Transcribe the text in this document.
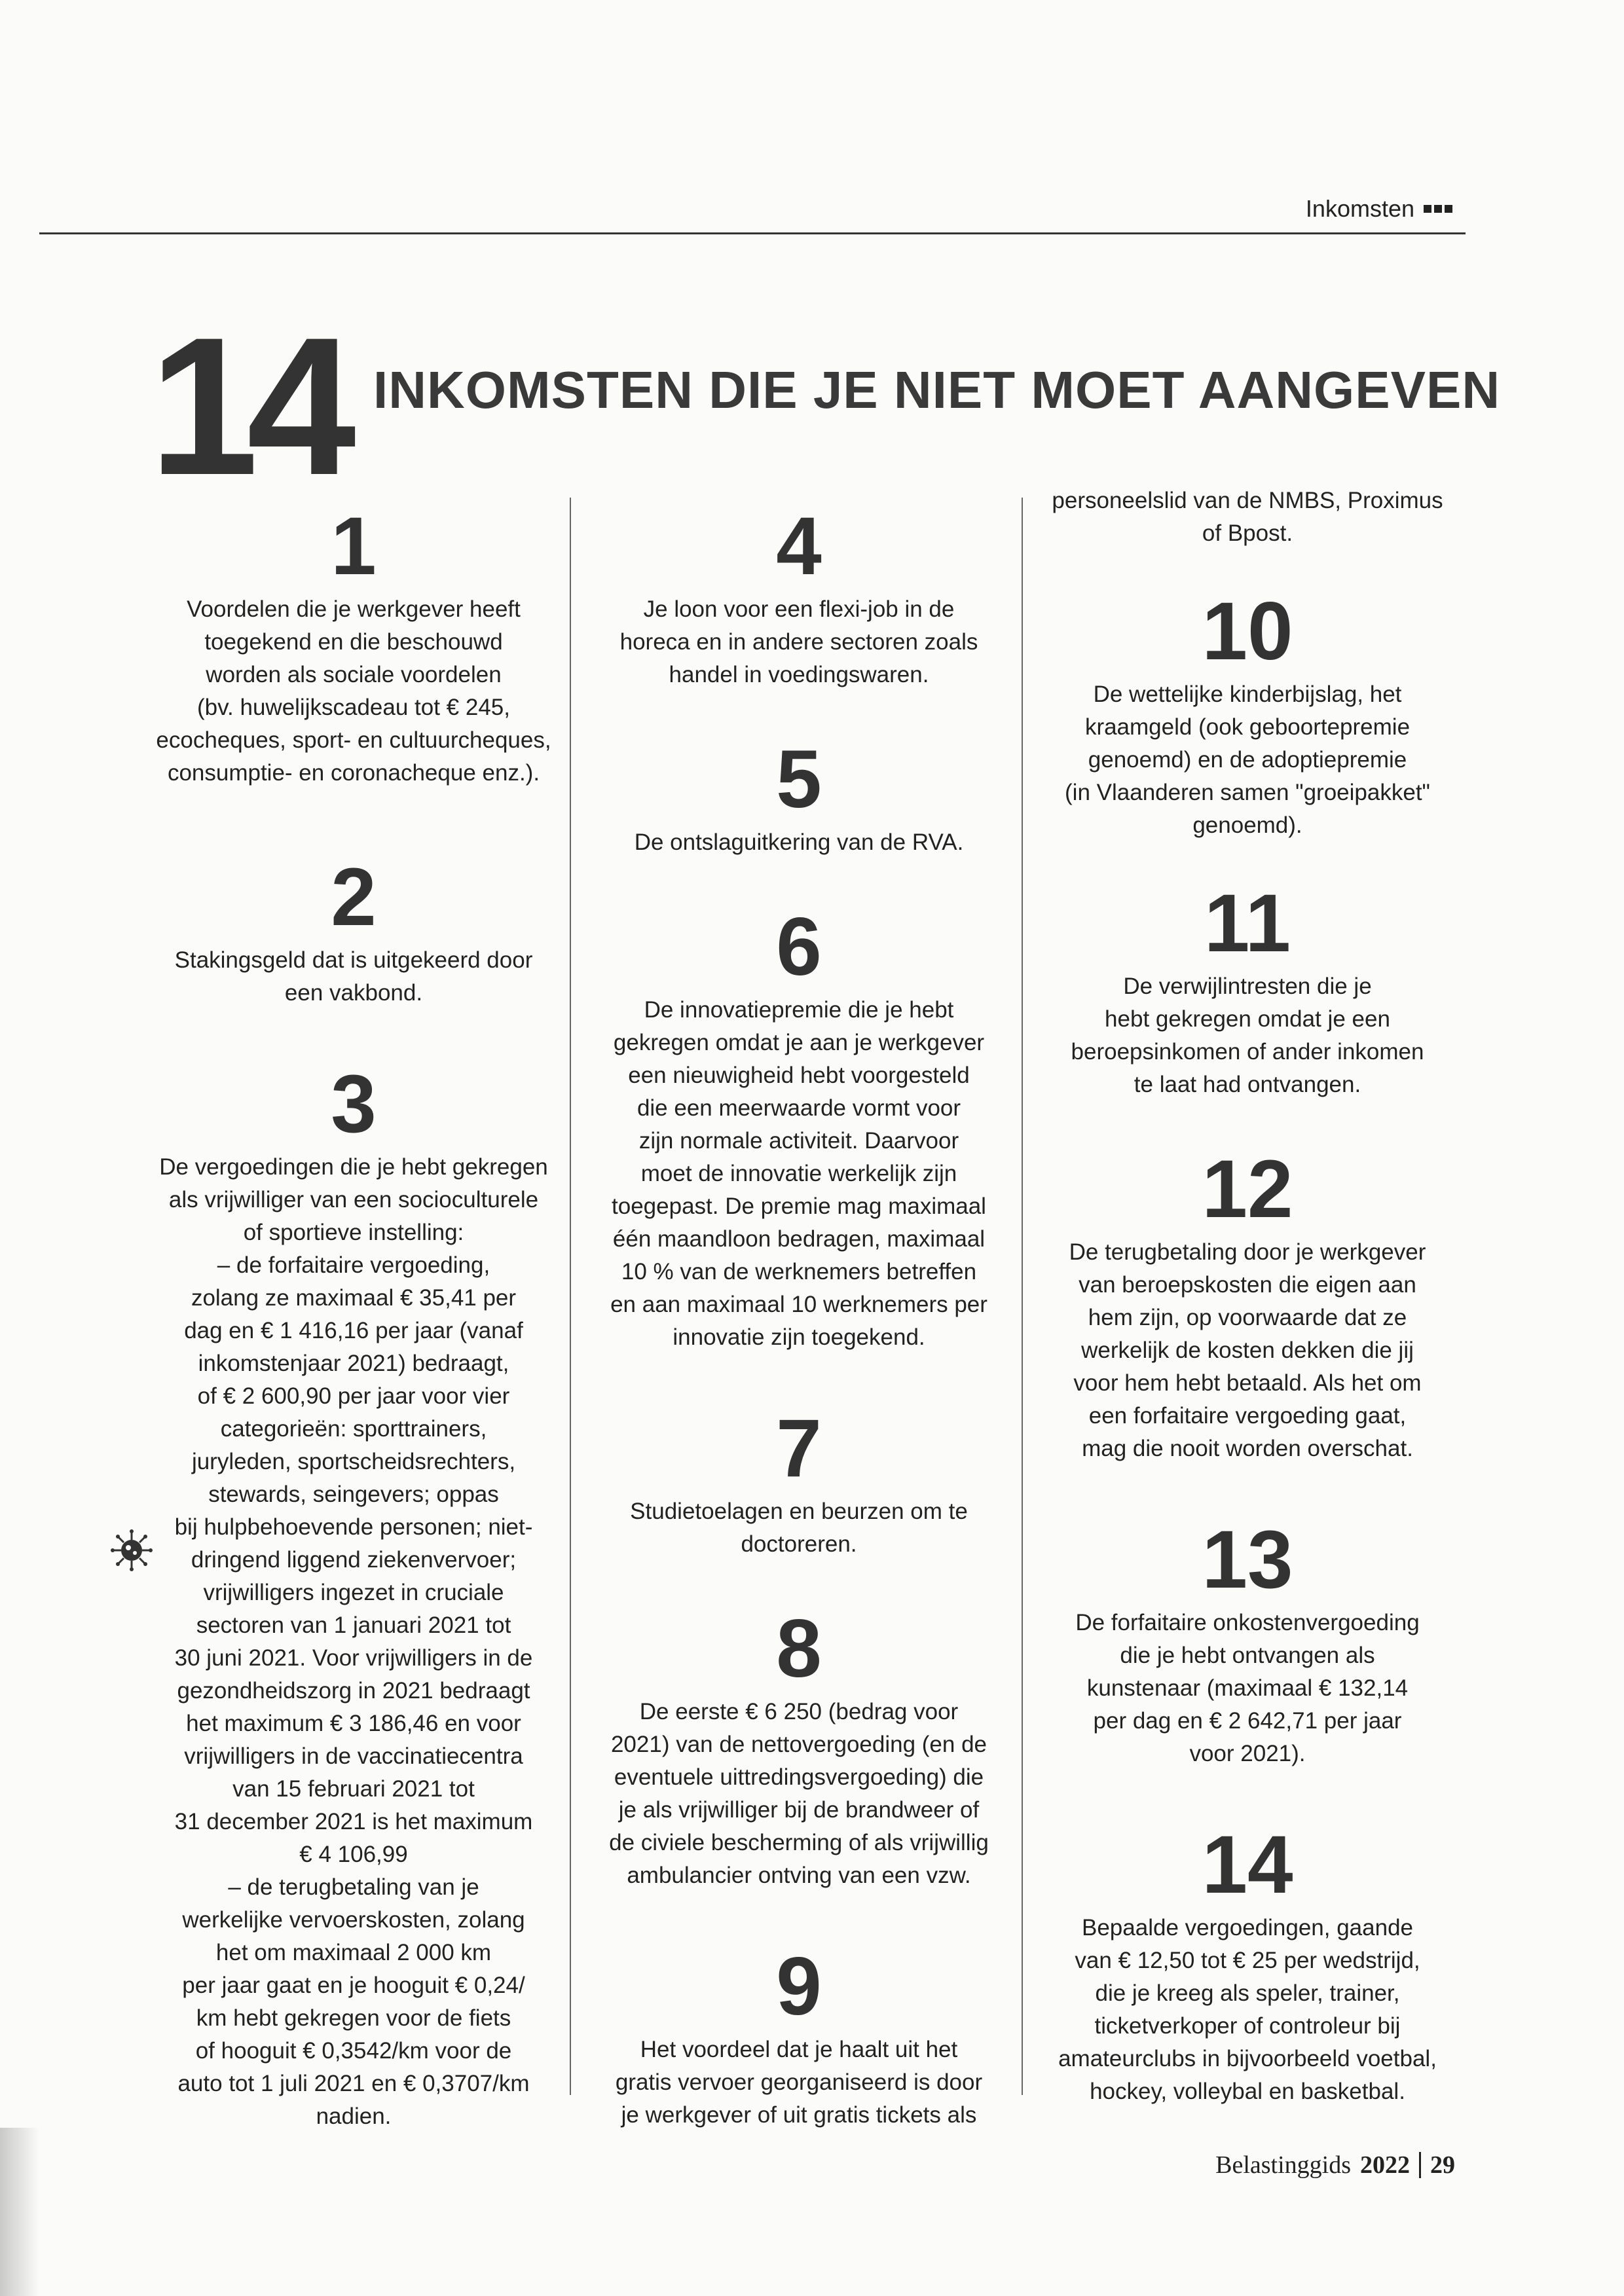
Inkomsten
14 INKOMSTEN DIE JE NIET MOET AANGEVEN
1
Voordelen die je werkgever heeft
toegekend en die beschouwd
worden als sociale voordelen
(bv. huwelijkscadeau tot € 245,
ecocheques, sport- en cultuurcheques,
consumptie- en coronacheque enz.).
2
Stakingsgeld dat is uitgekeerd door
een vakbond.
3
De vergoedingen die je hebt gekregen
als vrijwilliger van een socioculturele
of sportieve instelling:
– de forfaitaire vergoeding,
zolang ze maximaal € 35,41 per
dag en € 1 416,16 per jaar (vanaf
inkomstenjaar 2021) bedraagt,
of € 2 600,90 per jaar voor vier
categorieën: sporttrainers,
juryleden, sportscheidsrechters,
stewards, seingevers; oppas
bij hulpbehoevende personen; niet-
dringend liggend ziekenvervoer;
vrijwilligers ingezet in cruciale
sectoren van 1 januari 2021 tot
30 juni 2021. Voor vrijwilligers in de
gezondheidszorg in 2021 bedraagt
het maximum € 3 186,46 en voor
vrijwilligers in de vaccinatiecentra
van 15 februari 2021 tot
31 december 2021 is het maximum
€ 4 106,99
– de terugbetaling van je
werkelijke vervoerskosten, zolang
het om maximaal 2 000 km
per jaar gaat en je hooguit € 0,24/
km hebt gekregen voor de fiets
of hooguit € 0,3542/km voor de
auto tot 1 juli 2021 en € 0,3707/km
nadien.
4
Je loon voor een flexi-job in de
horeca en in andere sectoren zoals
handel in voedingswaren.
5
De ontslaguitkering van de RVA.
6
De innovatiepremie die je hebt
gekregen omdat je aan je werkgever
een nieuwigheid hebt voorgesteld
die een meerwaarde vormt voor
zijn normale activiteit. Daarvoor
moet de innovatie werkelijk zijn
toegepast. De premie mag maximaal
één maandloon bedragen, maximaal
10 % van de werknemers betreffen
en aan maximaal 10 werknemers per
innovatie zijn toegekend.
7
Studietoelagen en beurzen om te
doctoreren.
8
De eerste € 6 250 (bedrag voor
2021) van de nettovergoeding (en de
eventuele uittredingsvergoeding) die
je als vrijwilliger bij de brandweer of
de civiele bescherming of als vrijwillig
ambulancier ontving van een vzw.
9
Het voordeel dat je haalt uit het
gratis vervoer georganiseerd is door
je werkgever of uit gratis tickets als
personeelslid van de NMBS, Proximus
of Bpost.
10
De wettelijke kinderbijslag, het
kraamgeld (ook geboortepremie
genoemd) en de adoptiepremie
(in Vlaanderen samen "groeipakket"
genoemd).
11
De verwijlintresten die je
hebt gekregen omdat je een
beroepsinkomen of ander inkomen
te laat had ontvangen.
12
De terugbetaling door je werkgever
van beroepskosten die eigen aan
hem zijn, op voorwaarde dat ze
werkelijk de kosten dekken die jij
voor hem hebt betaald. Als het om
een forfaitaire vergoeding gaat,
mag die nooit worden overschat.
13
De forfaitaire onkostenvergoeding
die je hebt ontvangen als
kunstenaar (maximaal € 132,14
per dag en € 2 642,71 per jaar
voor 2021).
14
Bepaalde vergoedingen, gaande
van € 12,50 tot € 25 per wedstrijd,
die je kreeg als speler, trainer,
ticketverkoper of controleur bij
amateurclubs in bijvoorbeeld voetbal,
hockey, volleybal en basketbal.
Belastinggids 2022 29
